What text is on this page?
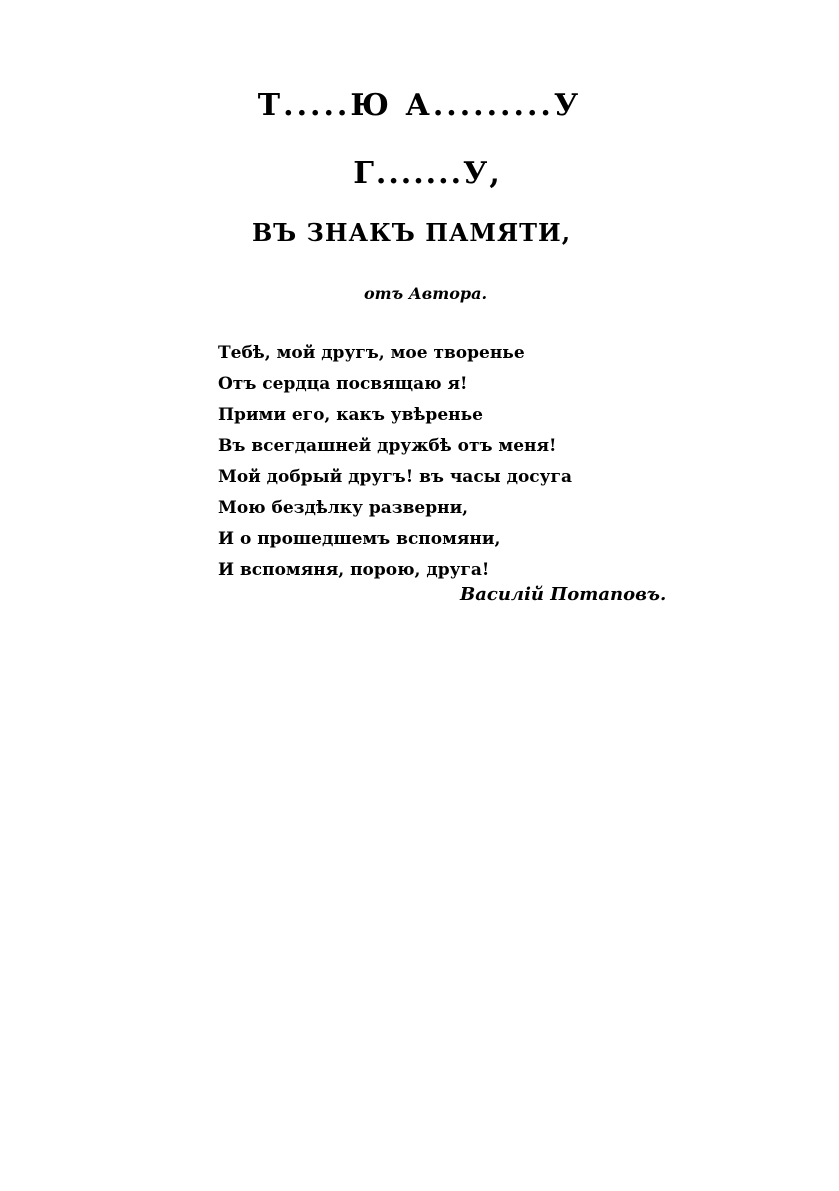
Т.....Ю А.........У
Г.......У,
ВЪ ЗНАКЪ ПАМЯТИ,
отъ Автора.
Тебѣ, мой другъ, мое творенье
Отъ сердца посвящаю я!
Прими его, какъ увѣренье
Въ всегдашней дружбѣ отъ меня!
Мой добрый другъ! въ часы досуга
Мою бездѣлку разверни,
И о прошедшемъ вспомяни,
И вспомяня, порою, друга!
Василій Потаповъ.
